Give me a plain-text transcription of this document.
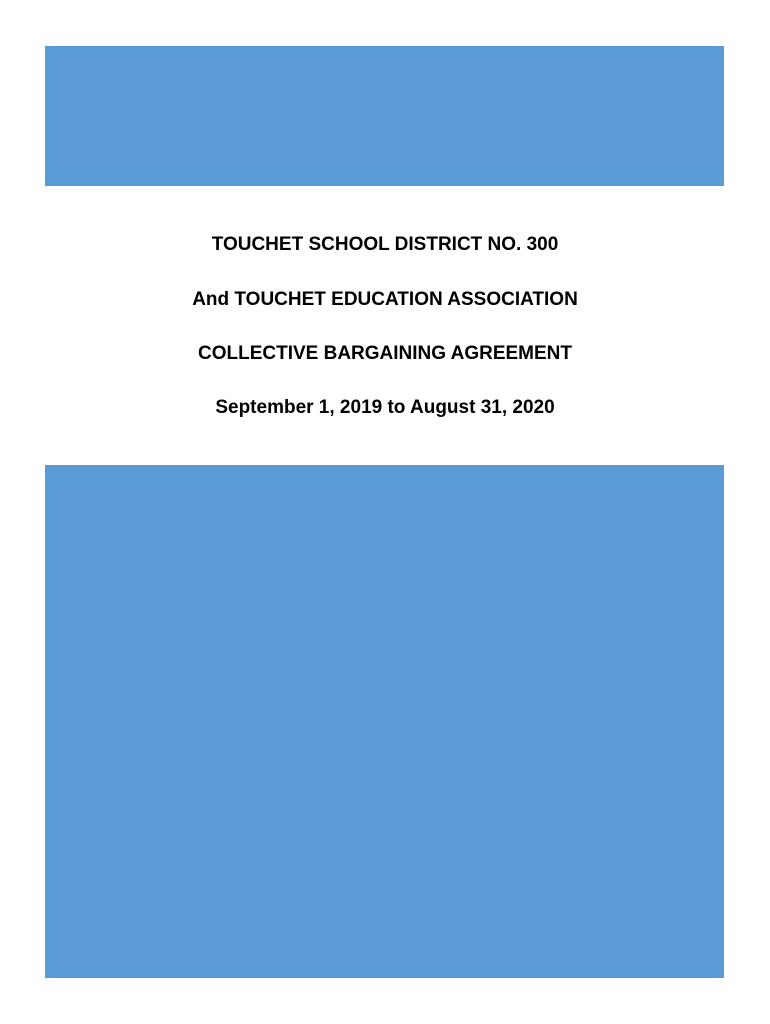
TOUCHET SCHOOL DISTRICT NO. 300
And TOUCHET EDUCATION ASSOCIATION
COLLECTIVE BARGAINING AGREEMENT
September 1, 2019 to August 31, 2020
